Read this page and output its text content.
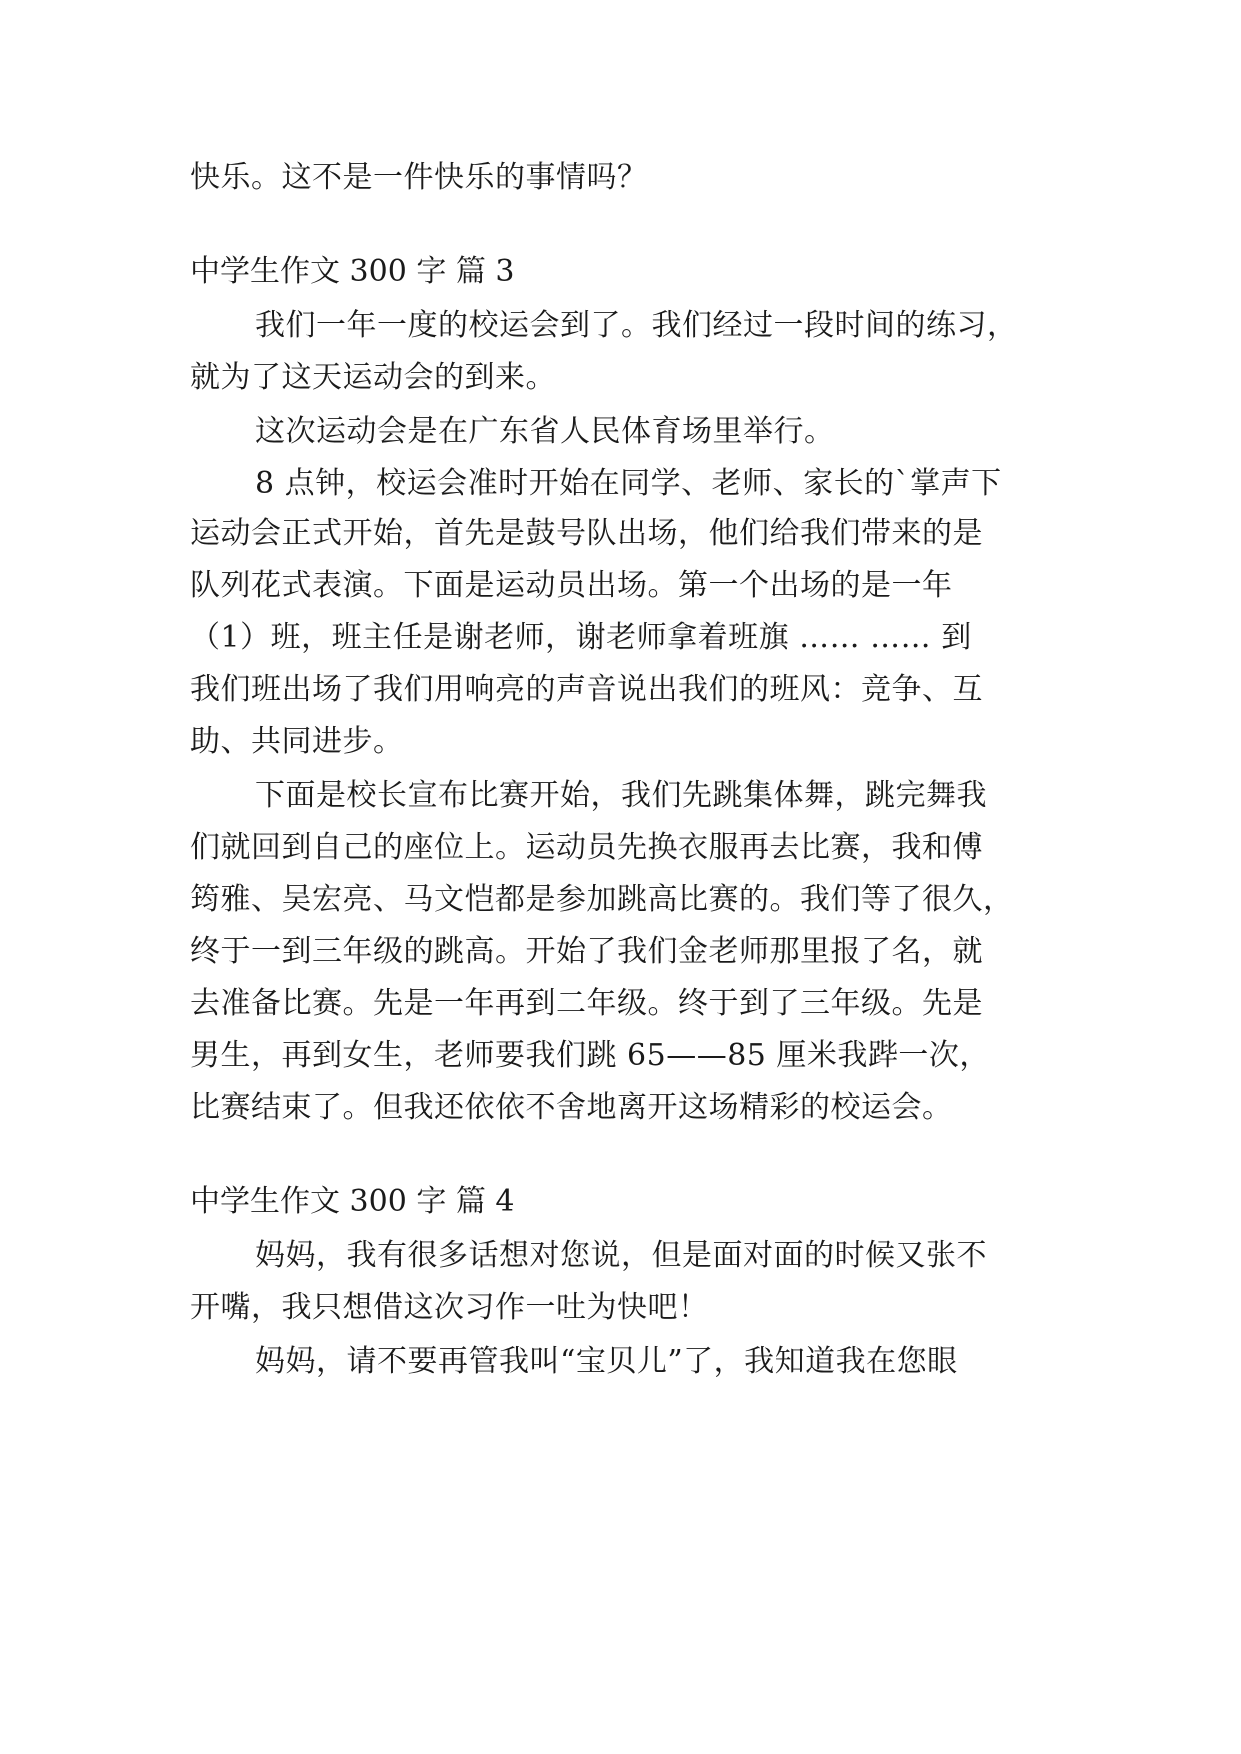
快乐。这不是一件快乐的事情吗？
中学生作文 300 字 篇 3
我们一年一度的校运会到了。我们经过一段时间的练习，
就为了这天运动会的到来。
这次运动会是在广东省人民体育场里举行。
8 点钟，校运会准时开始在同学、老师、家长的`掌声下
运动会正式开始，首先是鼓号队出场，他们给我们带来的是
队列花式表演。下面是运动员出场。第一个出场的是一年
（1）班，班主任是谢老师，谢老师拿着班旗 …… …… 到
我们班出场了我们用响亮的声音说出我们的班风：竞争、互
助、共同进步。
下面是校长宣布比赛开始，我们先跳集体舞，跳完舞我
们就回到自己的座位上。运动员先换衣服再去比赛，我和傅
筠雅、吴宏亮、马文恺都是参加跳高比赛的。我们等了很久，
终于一到三年级的跳高。开始了我们金老师那里报了名，就
去准备比赛。先是一年再到二年级。终于到了三年级。先是
男生，再到女生，老师要我们跳 65——85 厘米我跸一次，
比赛结束了。但我还依依不舍地离开这场精彩的校运会。
中学生作文 300 字 篇 4
妈妈，我有很多话想对您说，但是面对面的时候又张不
开嘴，我只想借这次习作一吐为快吧！
妈妈，请不要再管我叫“宝贝儿”了，我知道我在您眼
